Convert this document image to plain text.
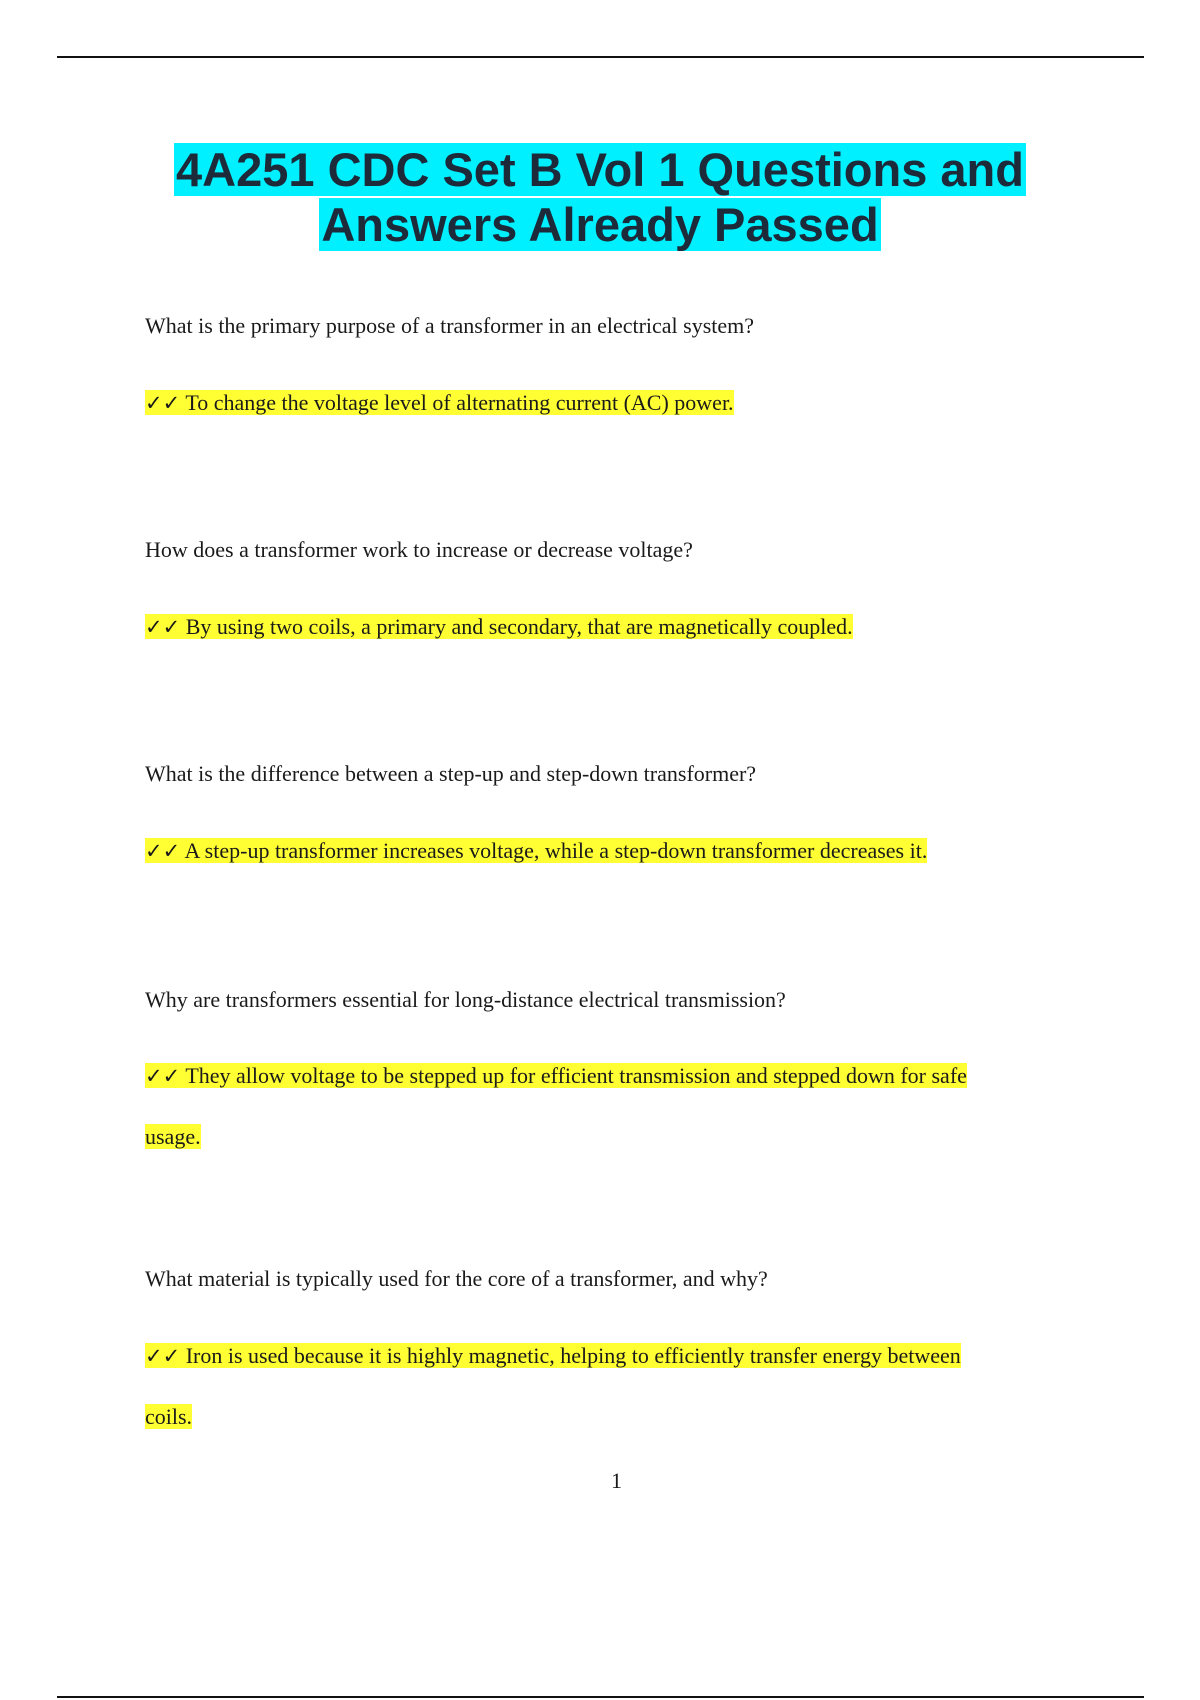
4A251 CDC Set B Vol 1 Questions and
Answers Already Passed

What is the primary purpose of a transformer in an electrical system?

✓✓ To change the voltage level of alternating current (AC) power.

How does a transformer work to increase or decrease voltage?

✓✓ By using two coils, a primary and secondary, that are magnetically coupled.

What is the difference between a step-up and step-down transformer?

✓✓ A step-up transformer increases voltage, while a step-down transformer decreases it.

Why are transformers essential for long-distance electrical transmission?

✓✓ They allow voltage to be stepped up for efficient transmission and stepped down for safe

usage.

What material is typically used for the core of a transformer, and why?

✓✓ Iron is used because it is highly magnetic, helping to efficiently transfer energy between

coils.

1
